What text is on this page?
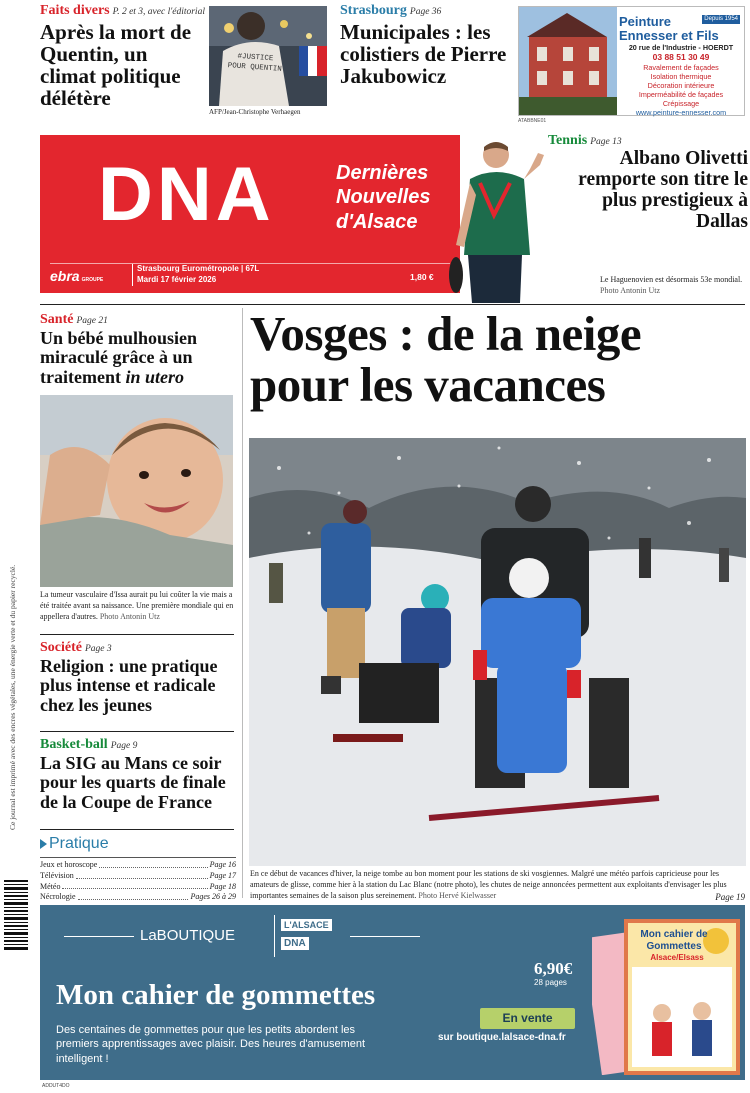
Faits divers P. 2 et 3, avec l'éditorial
Après la mort de Quentin, un climat politique délétère
#JUSTICE POUR QUENTIN
AFP/Jean-Christophe Verhaegen
Strasbourg Page 36
Municipales : les colistiers de Pierre Jakubowicz
Peinture
Ennesser et Fils
Depuis 1954
20 rue de l'Industrie - HOERDT
03 88 51 30 49
Ravalement de façades
Isolation thermique
Décoration intérieure
Imperméabilité de façades
Crépissage
www.peinture-ennesser.com
ATABBNE01
DNA	Dernières
Nouvelles
d'Alsace
ebra GROUPE
Strasbourg Eurométropole | 67L
Mardi 17 février 2026	1,80 €
Tennis Page 13
Albano Olivetti remporte son titre le plus prestigieux à Dallas
Le Haguenovien est désormais 53e mondial. Photo Antonin Utz
Santé Page 21
Un bébé mulhousien miraculé grâce à un traitement in utero
La tumeur vasculaire d'Issa aurait pu lui coûter la vie mais a été traitée avant sa naissance. Une première mondiale qui en appellera d'autres. Photo Antonin Utz
Société Page 3
Religion : une pratique plus intense et radicale chez les jeunes
Basket-ball Page 9
La SIG au Mans ce soir pour les quarts de finale de la Coupe de France
Pratique
Jeux et horoscope	Page 16
Télévision	Page 17
Météo	Page 18
Nécrologie	Pages 26 à 29
Vosges : de la neige pour les vacances
En ce début de vacances d'hiver, la neige tombe au bon moment pour les stations de ski vosgiennes. Malgré une météo parfois capricieuse pour les amateurs de glisse, comme hier à la station du Lac Blanc (notre photo), les chutes de neige annoncées permettent aux exploitants d'envisager les plus importantes semaines de la saison plus sereinement. Photo Hervé Kielwasser	Page 19
Ce journal est imprimé avec des encres végétales, une énergie verte et du papier recyclé.
LaBOUTIQUE
L'ALSACE
DNA
Mon cahier de gommettes
Des centaines de gommettes pour que les petits abordent les premiers apprentissages avec plaisir. Des heures d'amusement intelligent !
6,90€
28 pages
En vente
sur boutique.lalsace-dna.fr
Mon cahier de Gommettes
Alsace/Elsass
ADDUT4DO
